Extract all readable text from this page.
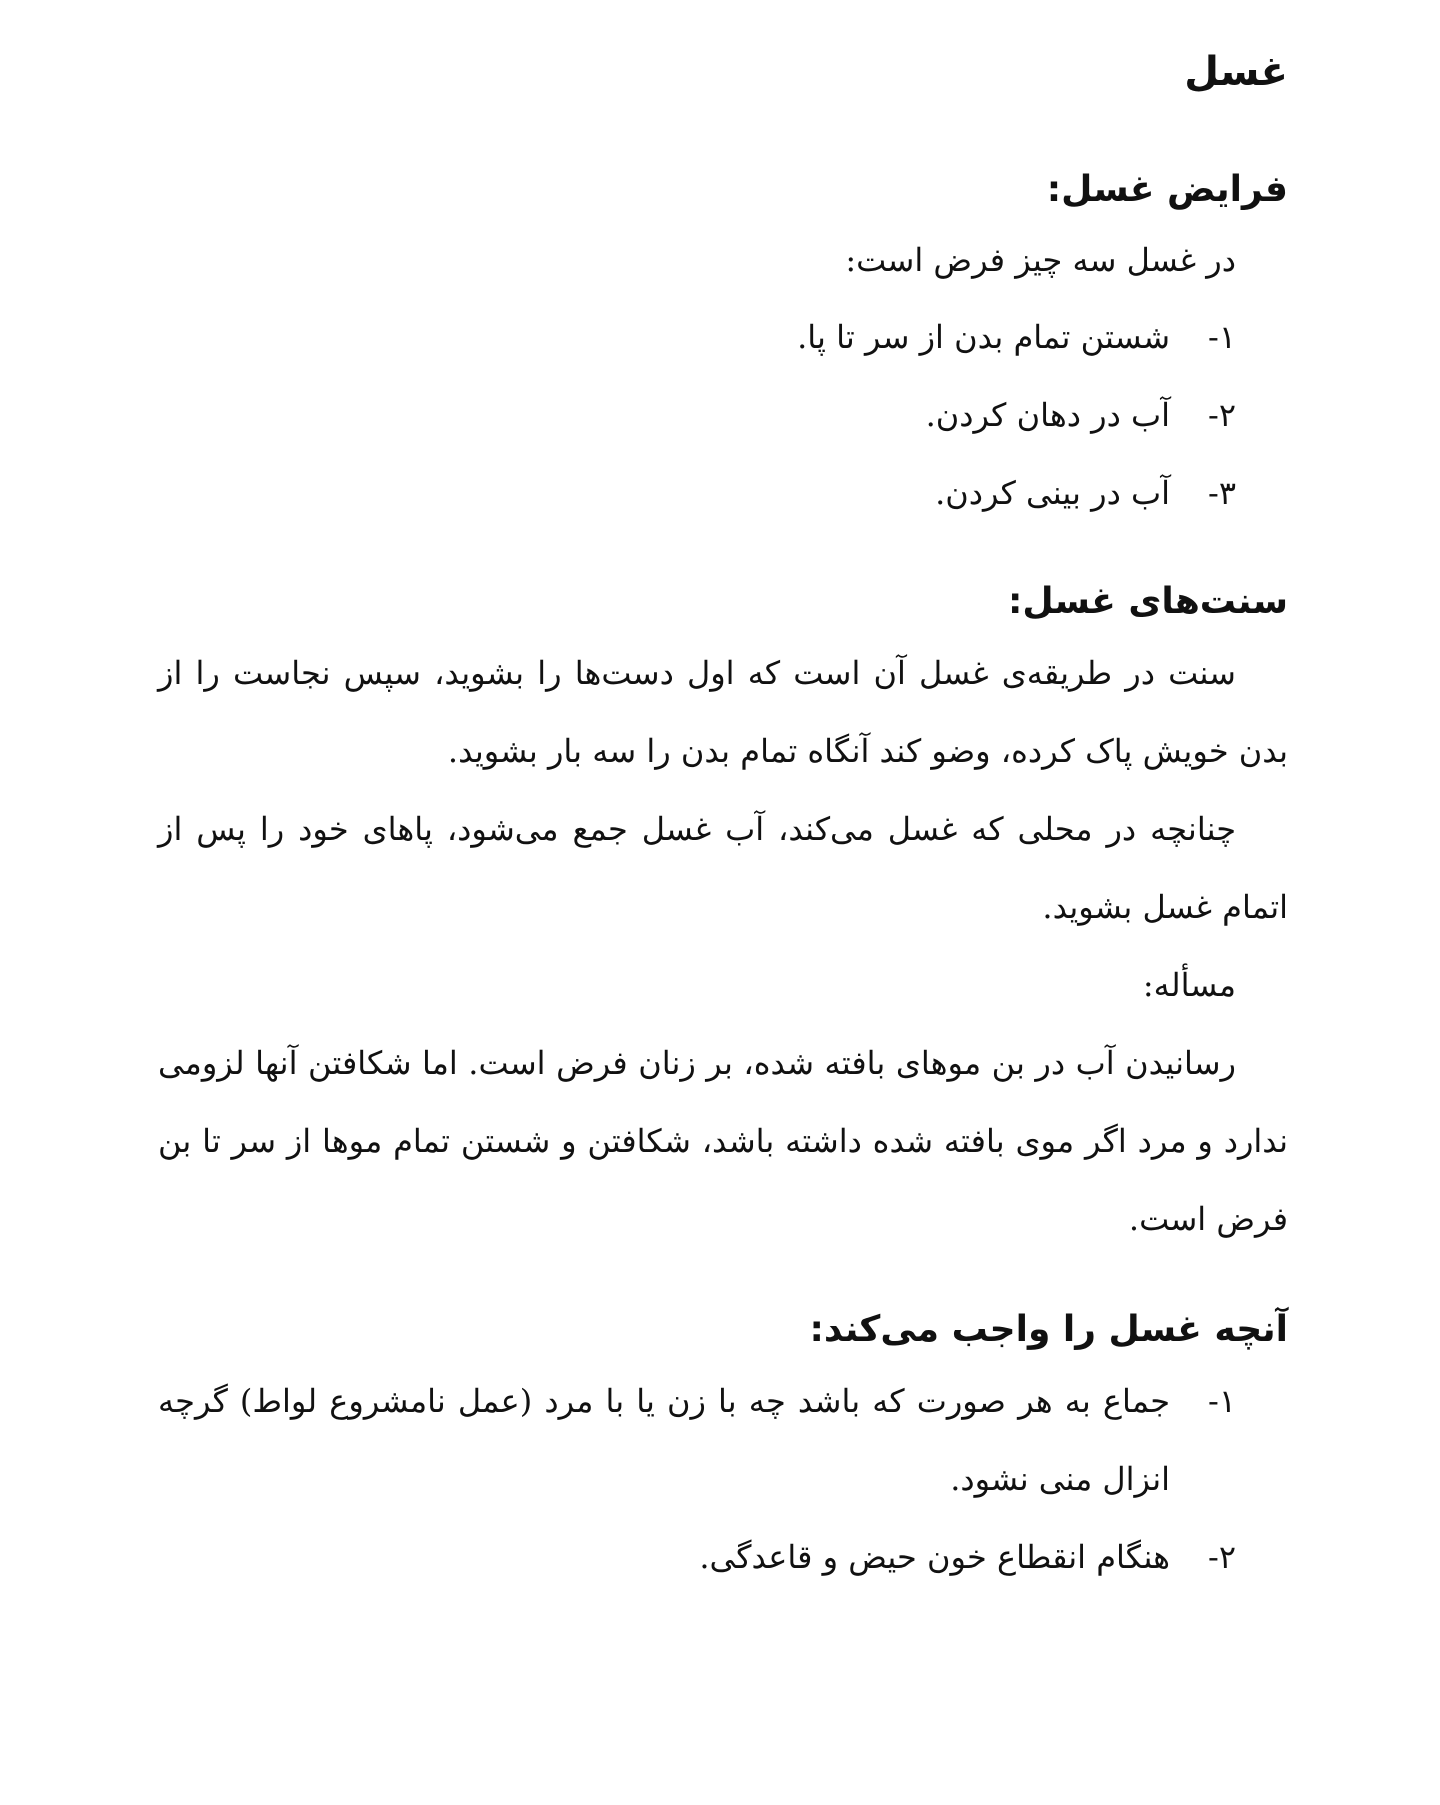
غسل
فرایض غسل:

در غسل سه چیز فرض است:

۱-
شستن تمام بدن از سر تا پا.
۲-
آب در دهان کردن.
۳-
آب در بینی کردن.
سنت‌های غسل:

سنت در طریقه‌ی غسل آن است که اول دست‌ها را بشوید، سپس نجاست را از بدن خویش پاک کرده، وضو کند آنگاه تمام بدن را سه بار بشوید.

چنانچه در محلی که غسل می‌کند، آب غسل جمع می‌شود، پاهای خود را پس از اتمام غسل بشوید.

مسأله:

رسانیدن آب در بن موهای بافته شده، بر زنان فرض است. اما شکافتن آنها لزومی ندارد و مرد اگر موی بافته شده داشته باشد، شکافتن و شستن تمام موها از سر تا بن فرض است.

آنچه غسل را واجب می‌کند:
۱-
جماع به هر صورت که باشد چه با زن یا با مرد (عمل نامشروع لواط) گرچه انزال منی نشود.
۲-
هنگام انقطاع خون حیض و قاعدگی.
